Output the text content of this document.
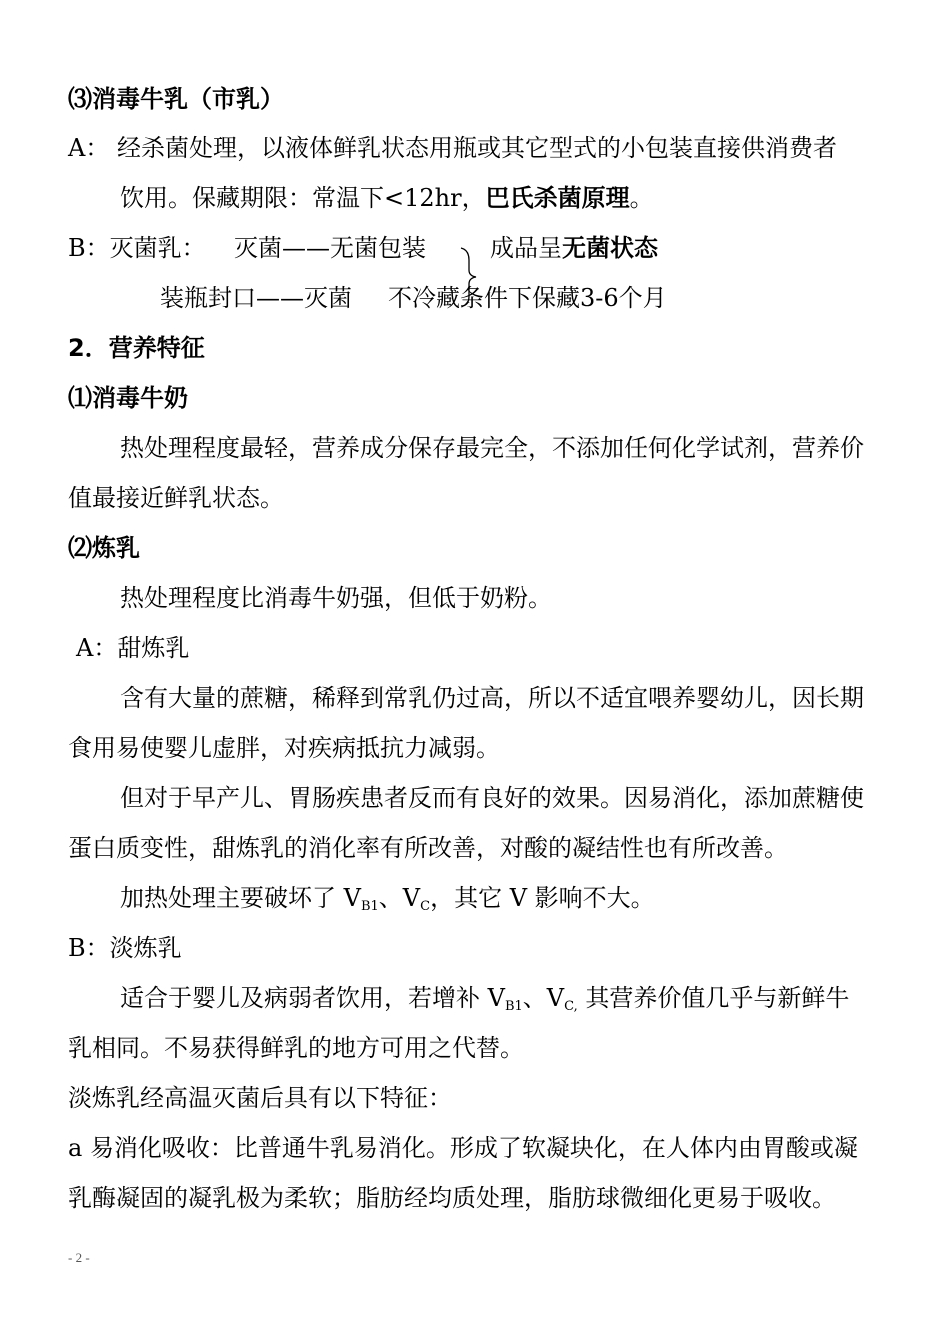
⑶消毒牛乳（市乳）
A： 经杀菌处理，以液体鲜乳状态用瓶或其它型式的小包装直接供消费者
饮用。保藏期限：常温下<12hr，巴氏杀菌原理。
B：灭菌乳： 灭菌——无菌包装	成品呈无菌状态
装瓶封口——灭菌 不冷藏条件下保藏3-6个月
2．营养特征
⑴消毒牛奶
热处理程度最轻，营养成分保存最完全，不添加任何化学试剂，营养价
值最接近鲜乳状态。
⑵炼乳
热处理程度比消毒牛奶强，但低于奶粉。
A：甜炼乳
含有大量的蔗糖，稀释到常乳仍过高，所以不适宜喂养婴幼儿，因长期
食用易使婴儿虚胖，对疾病抵抗力减弱。
但对于早产儿、胃肠疾患者反而有良好的效果。因易消化，添加蔗糖使
蛋白质变性，甜炼乳的消化率有所改善，对酸的凝结性也有所改善。
加热处理主要破坏了 $V_{B1}$、$V_C$，其它 V 影响不大。
B：淡炼乳
适合于婴儿及病弱者饮用，若增补 $V_{B1}$、$V_{C,}$ 其营养价值几乎与新鲜牛
乳相同。不易获得鲜乳的地方可用之代替。
淡炼乳经高温灭菌后具有以下特征：
a 易消化吸收：比普通牛乳易消化。形成了软凝块化，在人体内由胃酸或凝
乳酶凝固的凝乳极为柔软；脂肪经均质处理，脂肪球微细化更易于吸收。
- 2 -
